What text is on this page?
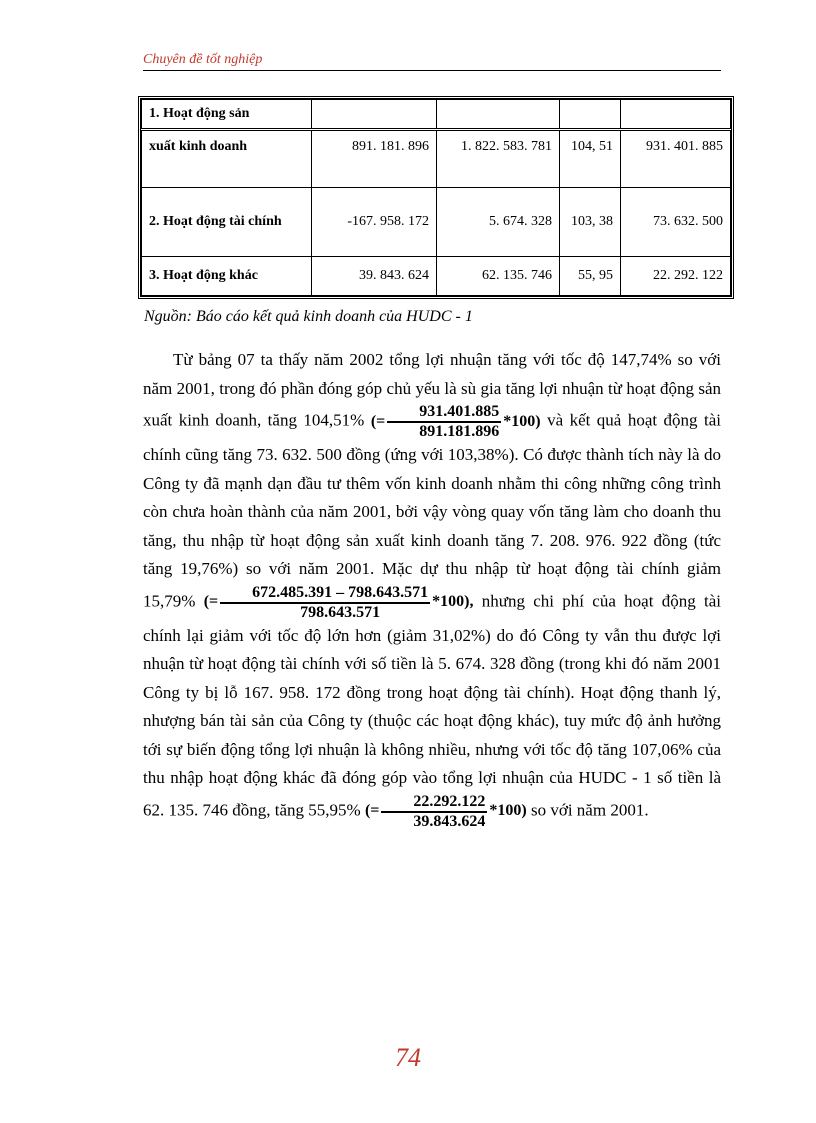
Chuyên đề tốt nghiệp
1. Hoạt động sản				
xuất kinh doanh	891. 181. 896	1. 822. 583. 781	104, 51	931. 401. 885
2. Hoạt động tài chính	-167. 958. 172	5. 674. 328	103, 38	73. 632. 500
3. Hoạt động khác	39. 843. 624	62. 135. 746	55, 95	22. 292. 122
Nguồn: Báo cáo kết quả kinh doanh của HUDC - 1

Từ bảng 07 ta thấy năm 2002 tổng lợi nhuận tăng với tốc độ 147,74% so với năm 2001, trong đó phần đóng góp chủ yếu là sù gia tăng lợi nhuận từ hoạt động sản xuất kinh doanh, tăng 104,51% (= $\frac{931.401.885}{891.181.896} *100$) và kết quả hoạt động tài chính cũng tăng 73. 632. 500 đồng (ứng với 103,38%). Có được thành tích này là do Công ty đã mạnh dạn đầu tư thêm vốn kinh doanh nhằm thi công những công trình còn chưa hoàn thành của năm 2001, bởi vậy vòng quay vốn tăng làm cho doanh thu tăng, thu nhập từ hoạt động sản xuất kinh doanh tăng 7. 208. 976. 922 đồng (tức tăng 19,76%) so với năm 2001. Mặc dự thu nhập từ hoạt động tài chính giảm 15,79% (= $\frac{672.485.391 - 798.643.571}{798.643.571} *100$), nhưng chi phí của hoạt động tài chính lại giảm với tốc độ lớn hơn (giảm 31,02%) do đó Công ty vẫn thu được lợi nhuận từ hoạt động tài chính với số tiền là 5. 674. 328 đồng (trong khi đó năm 2001 Công ty bị lỗ 167. 958. 172 đồng trong hoạt động tài chính). Hoạt động thanh lý, nhượng bán tài sản của Công ty (thuộc các hoạt động khác), tuy mức độ ảnh hưởng tới sự biến động tổng lợi nhuận là không nhiều, nhưng với tốc độ tăng 107,06% của thu nhập hoạt động khác đã đóng góp vào tổng lợi nhuận của HUDC - 1 số tiền là 62. 135. 746 đồng, tăng 55,95% (= $\frac{22.292.122}{39.843.624} *100$) so với năm 2001.

74
